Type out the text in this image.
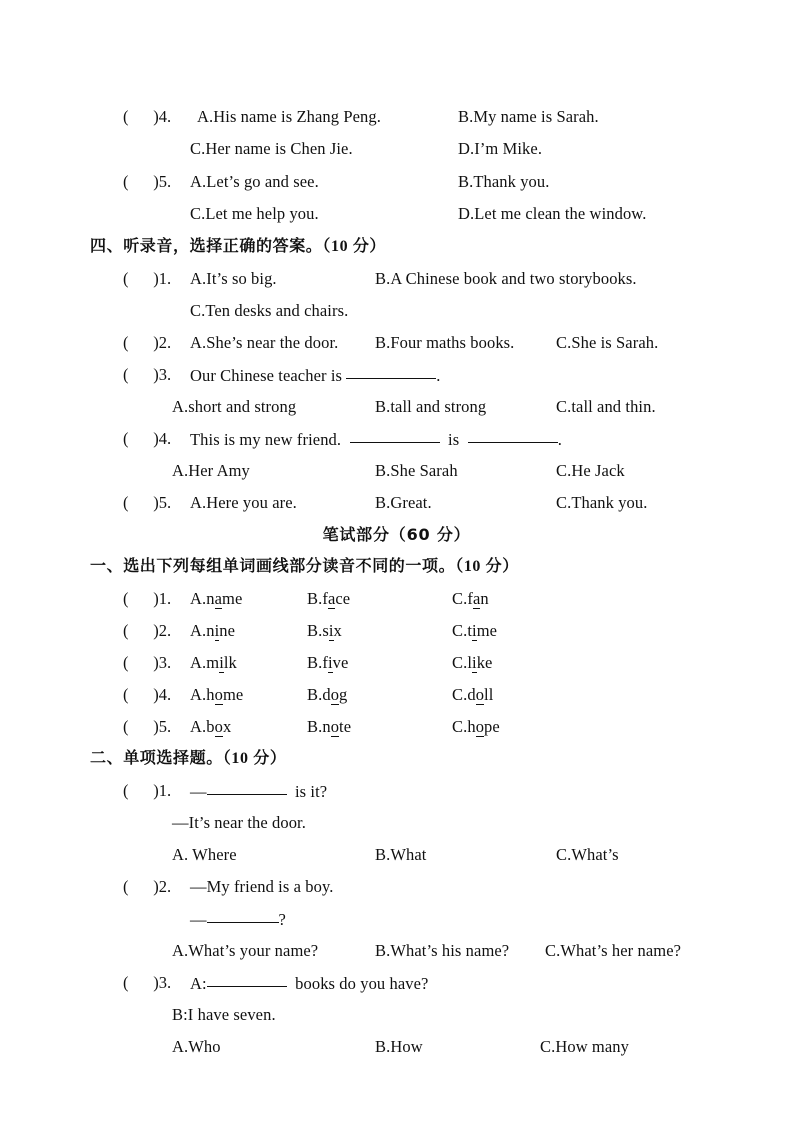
(      )4. A.His name is Zhang Peng.	B.My name is Sarah.
C.Her name is Chen Jie.	D.I’m Mike.
(      )5. A.Let’s go and see.	B.Thank you.
C.Let me help you.	D.Let me clean the window.
四、听录音，选择正确的答案。（10 分）
(      )1. A.It’s so big.	B.A Chinese book and two storybooks.
C.Ten desks and chairs.
(      )2. A.She’s near the door. B.Four maths books.	C.She is Sarah.
(      )3. Our Chinese teacher is	.
A.short and strong	B.tall and strong	C.tall and thin.
(      )4. This is my new friend.	is	.
A.Her Amy	B.She Sarah	C.He Jack
(      )5. A.Here you are.	B.Great.	C.Thank you.
笔试部分（60 分）
一、选出下列每组单词画线部分读音不同的一项。（10 分）
(      )1. A.name	B.face	C.fan
(      )2. A.nine	B.six	C.time
(      )3. A.milk	B.five	C.like
(      )4. A.home	B.dog	C.doll
(      )5. A.box	B.note	C.hope
二、单项选择题。（10 分）
(      )1. —	is it?
—It’s near the door.
A. Where	B.What	C.What’s
(      )2. —My friend is a boy.
—	?
A.What’s your name?	B.What’s his name? C.What’s her name?
(      )3. A:	books do you have?
B:I have seven.
A.Who	B.How	C.How many
